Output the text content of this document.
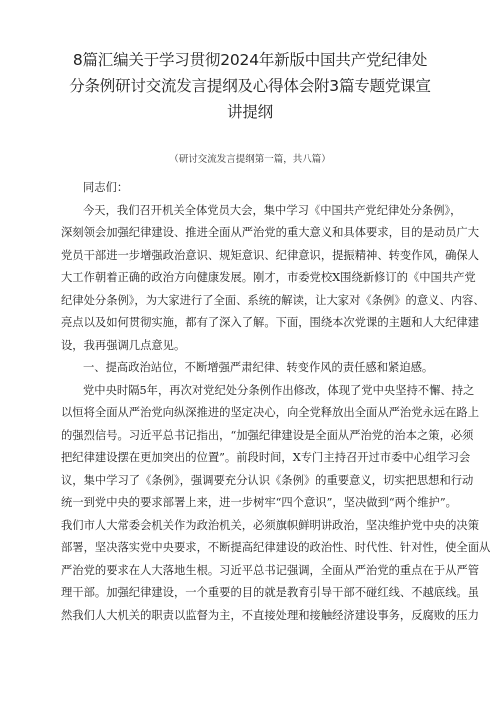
8篇汇编关于学习贯彻2024年新版中国共产党纪律处
分条例研讨交流发言提纲及心得体会附3篇专题党课宣
讲提纲
（研讨交流发言提纲第一篇，共八篇）
同志们：
今天，我们召开机关全体党员大会，集中学习《中国共产党纪律处分条例》，
深刻领会加强纪律建设、推进全面从严治党的重大意义和具体要求，目的是动员广大
党员干部进一步增强政治意识、规矩意识、纪律意识，提振精神、转变作风，确保人
大工作朝着正确的政治方向健康发展。刚才，市委党校X围绕新修订的《中国共产党
纪律处分条例》，为大家进行了全面、系统的解读，让大家对《条例》的意义、内容、
亮点以及如何贯彻实施，都有了深入了解。下面，围绕本次党课的主题和人大纪律建
设，我再强调几点意见。
一、提高政治站位，不断增强严肃纪律、转变作风的责任感和紧迫感。
党中央时隔5年，再次对党纪处分条例作出修改，体现了党中央坚持不懈、持之
以恒将全面从严治党向纵深推进的坚定决心，向全党释放出全面从严治党永远在路上
的强烈信号。习近平总书记指出，“加强纪律建设是全面从严治党的治本之策，必须
把纪律建设摆在更加突出的位置”。前段时间，X专门主持召开过市委中心组学习会
议，集中学习了《条例》，强调要充分认识《条例》的重要意义，切实把思想和行动
统一到党中央的要求部署上来，进一步树牢“四个意识”，坚决做到“两个维护”。
我们市人大常委会机关作为政治机关，必须旗帜鲜明讲政治，坚决维护党中央的决策
部署，坚决落实党中央要求，不断提高纪律建设的政治性、时代性、针对性，使全面从
严治党的要求在人大落地生根。习近平总书记强调，全面从严治党的重点在于从严管
理干部。加强纪律建设，一个重要的目的就是教育引导干部不碰红线、不越底线。虽
然我们人大机关的职责以监督为主，不直接处理和接触经济建设事务，反腐败的压力
